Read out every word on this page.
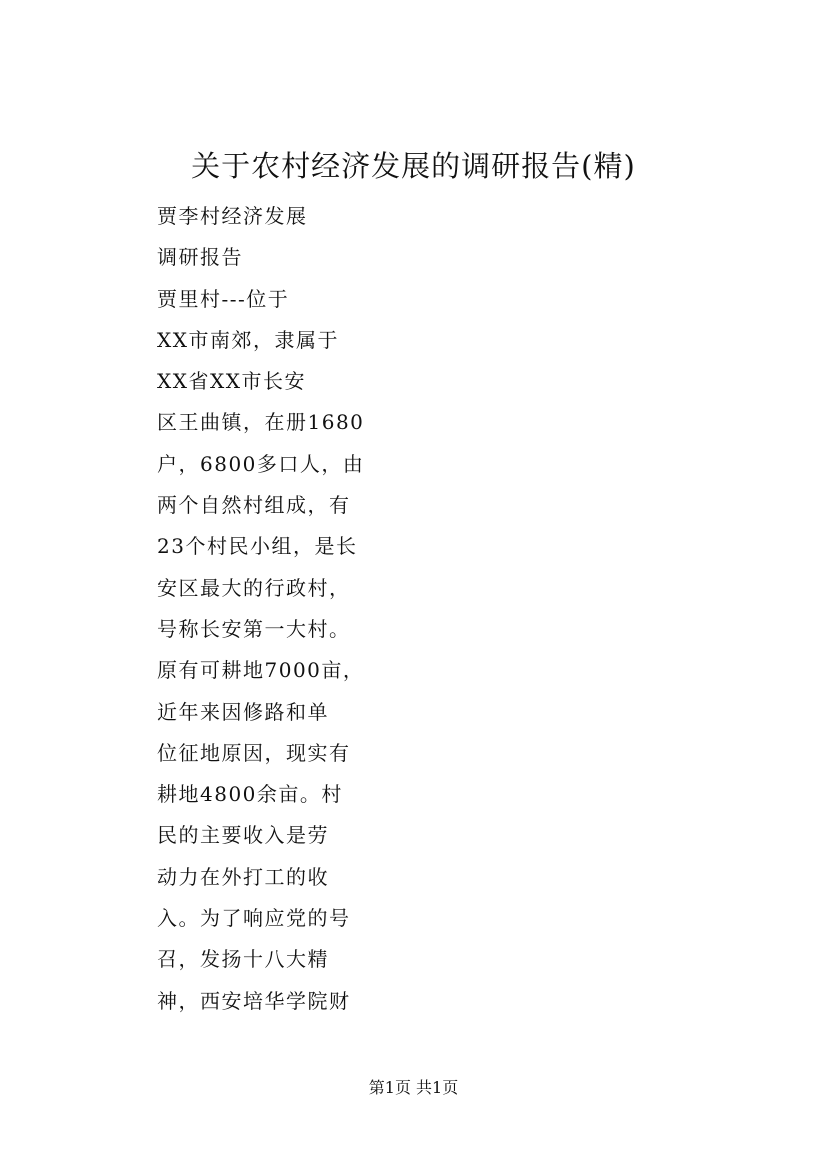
关于农村经济发展的调研报告(精)
贾李村经济发展
调研报告
贾里村---位于
XX市南郊，隶属于
XX省XX市长安
区王曲镇，在册1680
户，6800多口人，由
两个自然村组成，有
23个村民小组，是长
安区最大的行政村，
号称长安第一大村。
原有可耕地7000亩，
近年来因修路和单
位征地原因，现实有
耕地4800余亩。村
民的主要收入是劳
动力在外打工的收
入。为了响应党的号
召，发扬十八大精
神，西安培华学院财
第1页 共1页
